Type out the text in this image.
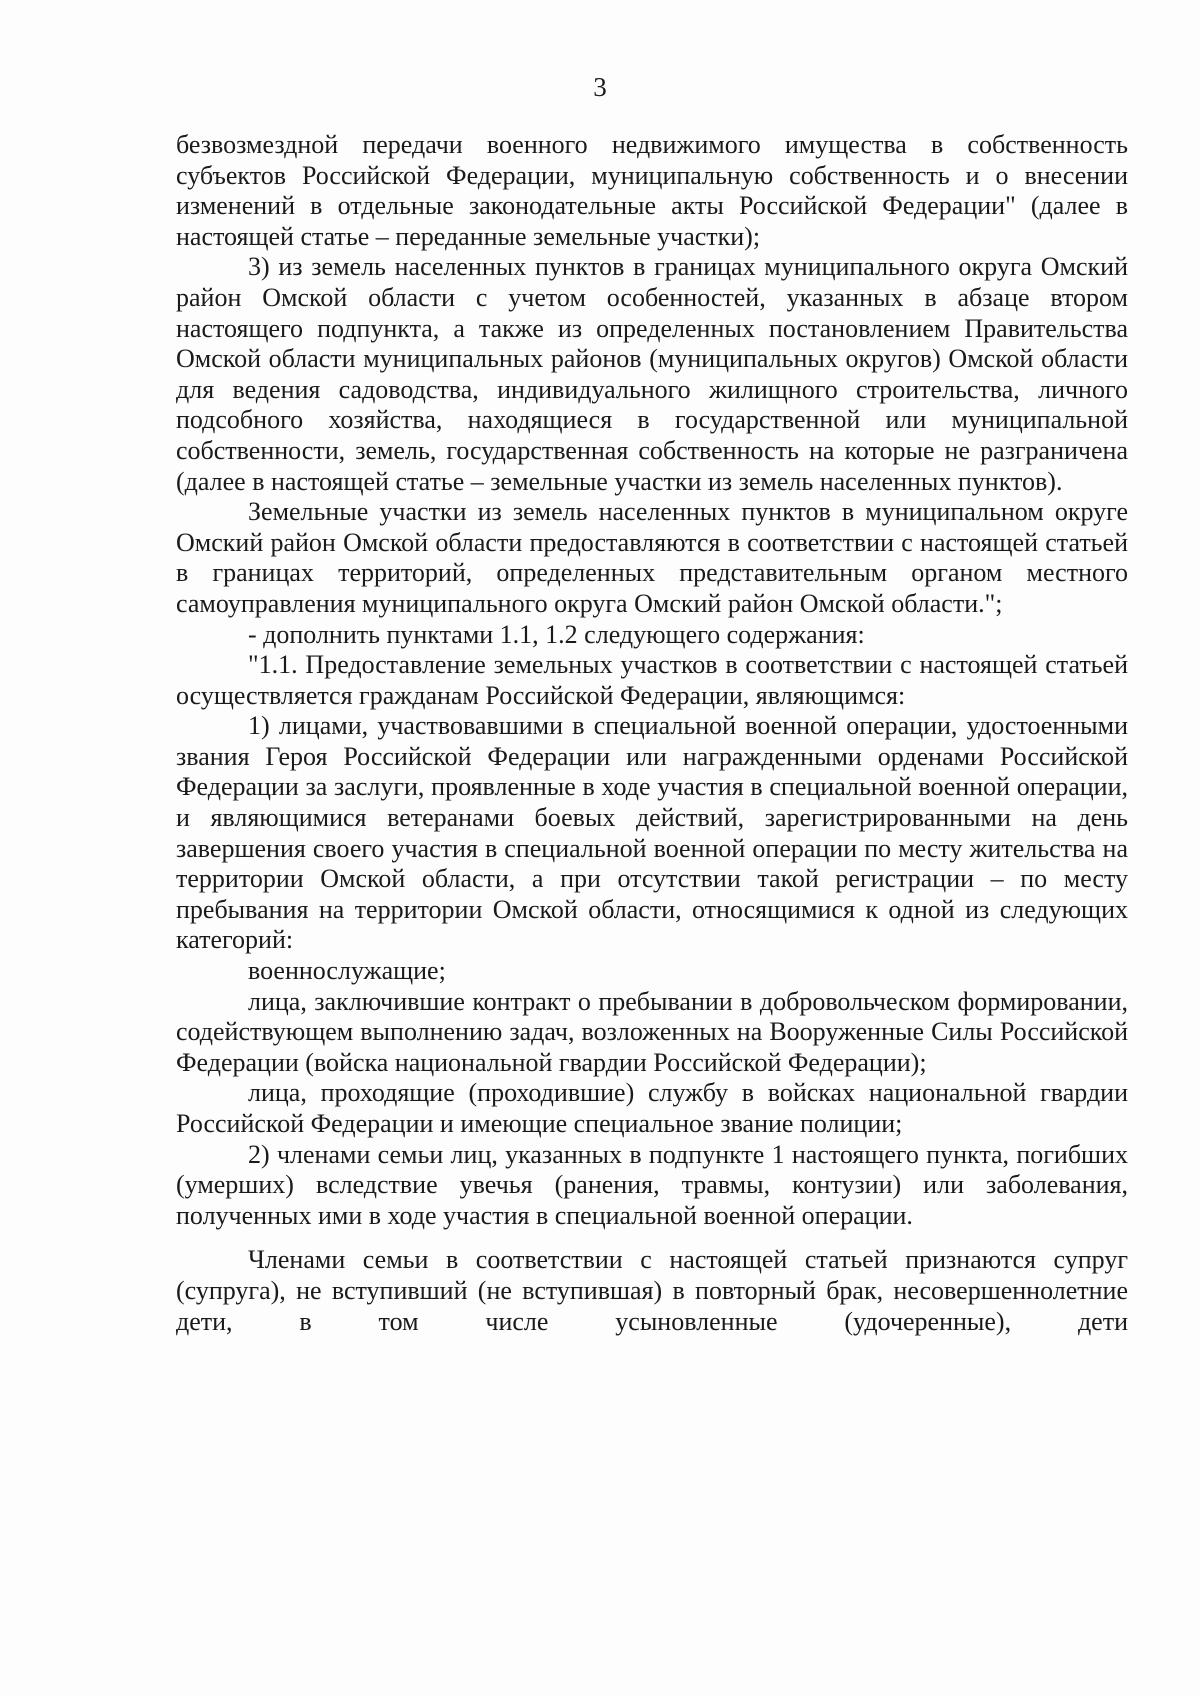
3

безвозмездной передачи военного недвижимого имущества в собственность субъектов Российской Федерации, муниципальную собственность и о внесении изменений в отдельные законодательные акты Российской Федерации" (далее в настоящей статье – переданные земельные участки);

3) из земель населенных пунктов в границах муниципального округа Омский район Омской области с учетом особенностей, указанных в абзаце втором настоящего подпункта, а также из определенных постановлением Правительства Омской области муниципальных районов (муниципальных округов) Омской области для ведения садоводства, индивидуального жилищного строительства, личного подсобного хозяйства, находящиеся в государственной или муниципальной собственности, земель, государственная собственность на которые не разграничена (далее в настоящей статье – земельные участки из земель населенных пунктов).

Земельные участки из земель населенных пунктов в муниципальном округе Омский район Омской области предоставляются в соответствии с настоящей статьей в границах территорий, определенных представительным органом местного самоуправления муниципального округа Омский район Омской области.";

- дополнить пунктами 1.1, 1.2 следующего содержания:

"1.1. Предоставление земельных участков в соответствии с настоящей статьей осуществляется гражданам Российской Федерации, являющимся:

1) лицами, участвовавшими в специальной военной операции, удостоенными звания Героя Российской Федерации или награжденными орденами Российской Федерации за заслуги, проявленные в ходе участия в специальной военной операции, и являющимися ветеранами боевых действий, зарегистрированными на день завершения своего участия в специальной военной операции по месту жительства на территории Омской области, а при отсутствии такой регистрации – по месту пребывания на территории Омской области, относящимися к одной из следующих категорий:

военнослужащие;

лица, заключившие контракт о пребывании в добровольческом формировании, содействующем выполнению задач, возложенных на Вооруженные Силы Российской Федерации (войска национальной гвардии Российской Федерации);

лица, проходящие (проходившие) службу в войсках национальной гвардии Российской Федерации и имеющие специальное звание полиции;

2) членами семьи лиц, указанных в подпункте 1 настоящего пункта, погибших (умерших) вследствие увечья (ранения, травмы, контузии) или заболевания, полученных ими в ходе участия в специальной военной операции.

Членами семьи в соответствии с настоящей статьей признаются супруг (супруга), не вступивший (не вступившая) в повторный брак, несовершеннолетние дети, в том числе усыновленные (удочеренные), дети
